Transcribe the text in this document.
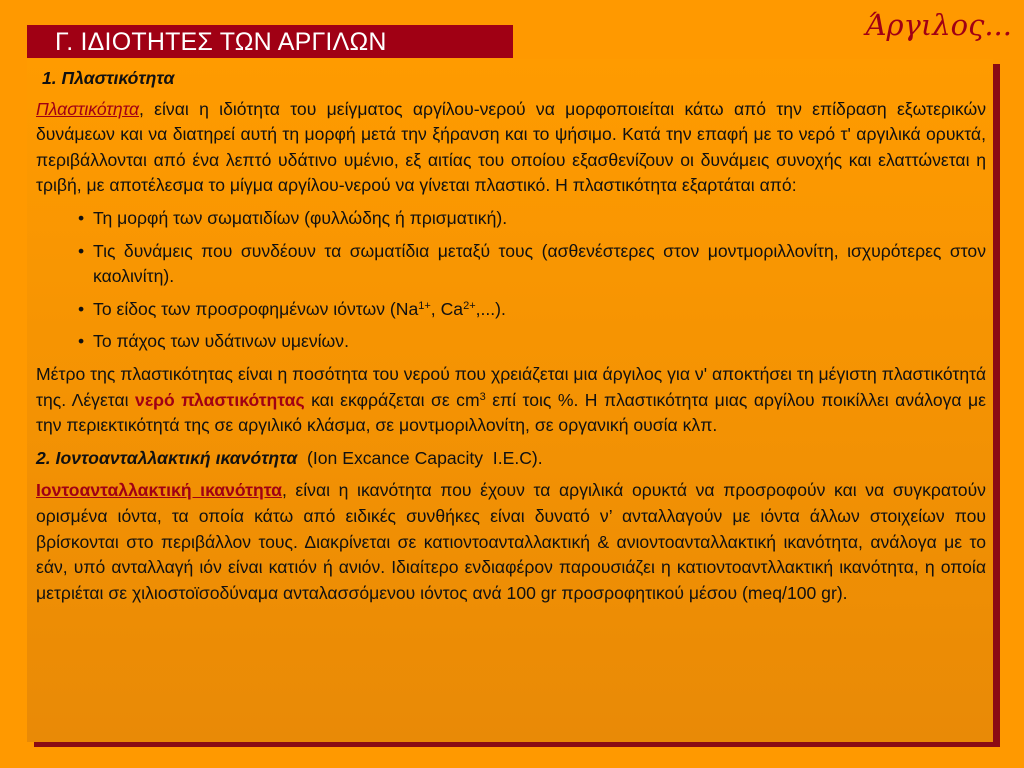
Γ. ΙΔΙΟΤΗΤΕΣ ΤΩΝ ΑΡΓΙΛΩΝ	Άργιλος...

1. Πλαστικότητα

Πλαστικότητα, είναι η ιδιότητα του μείγματος αργίλου-νερού να μορφοποιείται κάτω από την επίδραση εξωτερικών δυνάμεων και να διατηρεί αυτή τη μορφή μετά την ξήρανση και το ψήσιμο. Κατά την επαφή με το νερό τ' αργιλικά ορυκτά, περιβάλλονται από ένα λεπτό υδάτινο υμένιο, εξ αιτίας του οποίου εξασθενίζουν οι δυνάμεις συνοχής και ελαττώνεται η τριβή, με αποτέλεσμα το μίγμα αργίλου-νερού να γίνεται πλαστικό. Η πλαστικότητα εξαρτάται από:

• Τη μορφή των σωματιδίων (φυλλώδης ή πρισματική).
• Τις δυνάμεις που συνδέουν τα σωματίδια μεταξύ τους (ασθενέστερες στον μοντμοριλλονίτη, ισχυρότερες στον καολινίτη).
• Το είδος των προσροφημένων ιόντων ($Na^{1+}$, $Ca^{2+}$,...).
• Το πάχος των υδάτινων υμενίων.

Μέτρο της πλαστικότητας είναι η ποσότητα του νερού που χρειάζεται μια άργιλος για ν' αποκτήσει τη μέγιστη πλαστικότητά της. Λέγεται νερό πλαστικότητας και εκφράζεται σε $cm^3$ επί τοις %. Η πλαστικότητα μιας αργίλου ποικίλλει ανάλογα με την περιεκτικότητά της σε αργιλικό κλάσμα, σε μοντμοριλλονίτη, σε οργανική ουσία κλπ.

2. Ιοντοανταλλακτική ικανότητα  (Ion Excance Capacity  I.E.C).

Ιοντοανταλλακτική ικανότητα, είναι η ικανότητα που έχουν τα αργιλικά ορυκτά να προσροφούν και να συγκρατούν ορισμένα ιόντα, τα οποία κάτω από ειδικές συνθήκες είναι δυνατό ν’ ανταλλαγούν με ιόντα άλλων στοιχείων που βρίσκονται στο περιβάλλον τους. Διακρίνεται σε κατιοντοανταλλακτική & ανιοντοανταλλακτική ικανότητα, ανάλογα με το εάν, υπό ανταλλαγή ιόν είναι κατιόν ή ανιόν. Ιδιαίτερο ενδιαφέρον παρουσιάζει η κατιοντοαντλλακτική ικανότητα, η οποία μετριέται σε χιλιοστοϊσοδύναμα ανταλασσόμενου ιόντος ανά 100 gr προσροφητικού μέσου (meq/100 gr).
